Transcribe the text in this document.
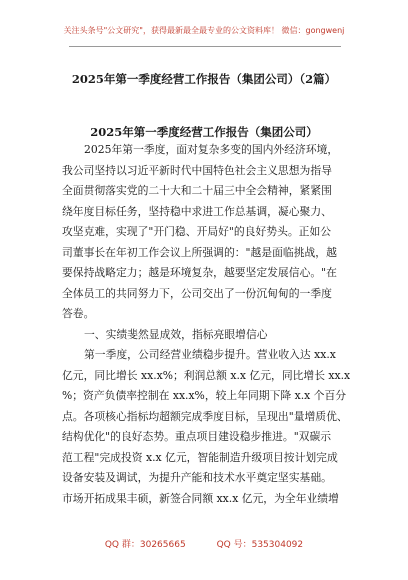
关注头条号"公文研究"，获得最新最全最专业的公文资料库！ 微信：gongwenj
2025年第一季度经营工作报告（集团公司）（2篇）
2025年第一季度经营工作报告（集团公司）
2025年第一季度，面对复杂多变的国内外经济环境，
我公司坚持以习近平新时代中国特色社会主义思想为指导
全面贯彻落实党的二十大和二十届三中全会精神，紧紧围
绕年度目标任务，坚持稳中求进工作总基调，凝心聚力、
攻坚克难，实现了"开门稳、开局好"的良好势头。正如公
司董事长在年初工作会议上所强调的："越是面临挑战，越
要保持战略定力；越是环境复杂，越要坚定发展信心。"在
全体员工的共同努力下，公司交出了一份沉甸甸的一季度
答卷。
一、实绩斐然显成效，指标亮眼增信心
第一季度，公司经营业绩稳步提升。营业收入达 xx.x
亿元，同比增长 xx.x%；利润总额 x.x 亿元，同比增长 xx.x
%；资产负债率控制在 xx.x%，较上年同期下降 x.x 个百分
点。各项核心指标均超额完成季度目标，呈现出"量增质优、
结构优化"的良好态势。重点项目建设稳步推进。"双碳示
范工程"完成投资 x.x 亿元，智能制造升级项目按计划完成
设备安装及调试，为提升产能和技术水平奠定坚实基础。
市场开拓成果丰硕，新签合同额 xx.x 亿元，为全年业绩增
QQ 群：30265665	QQ 号：535304092
